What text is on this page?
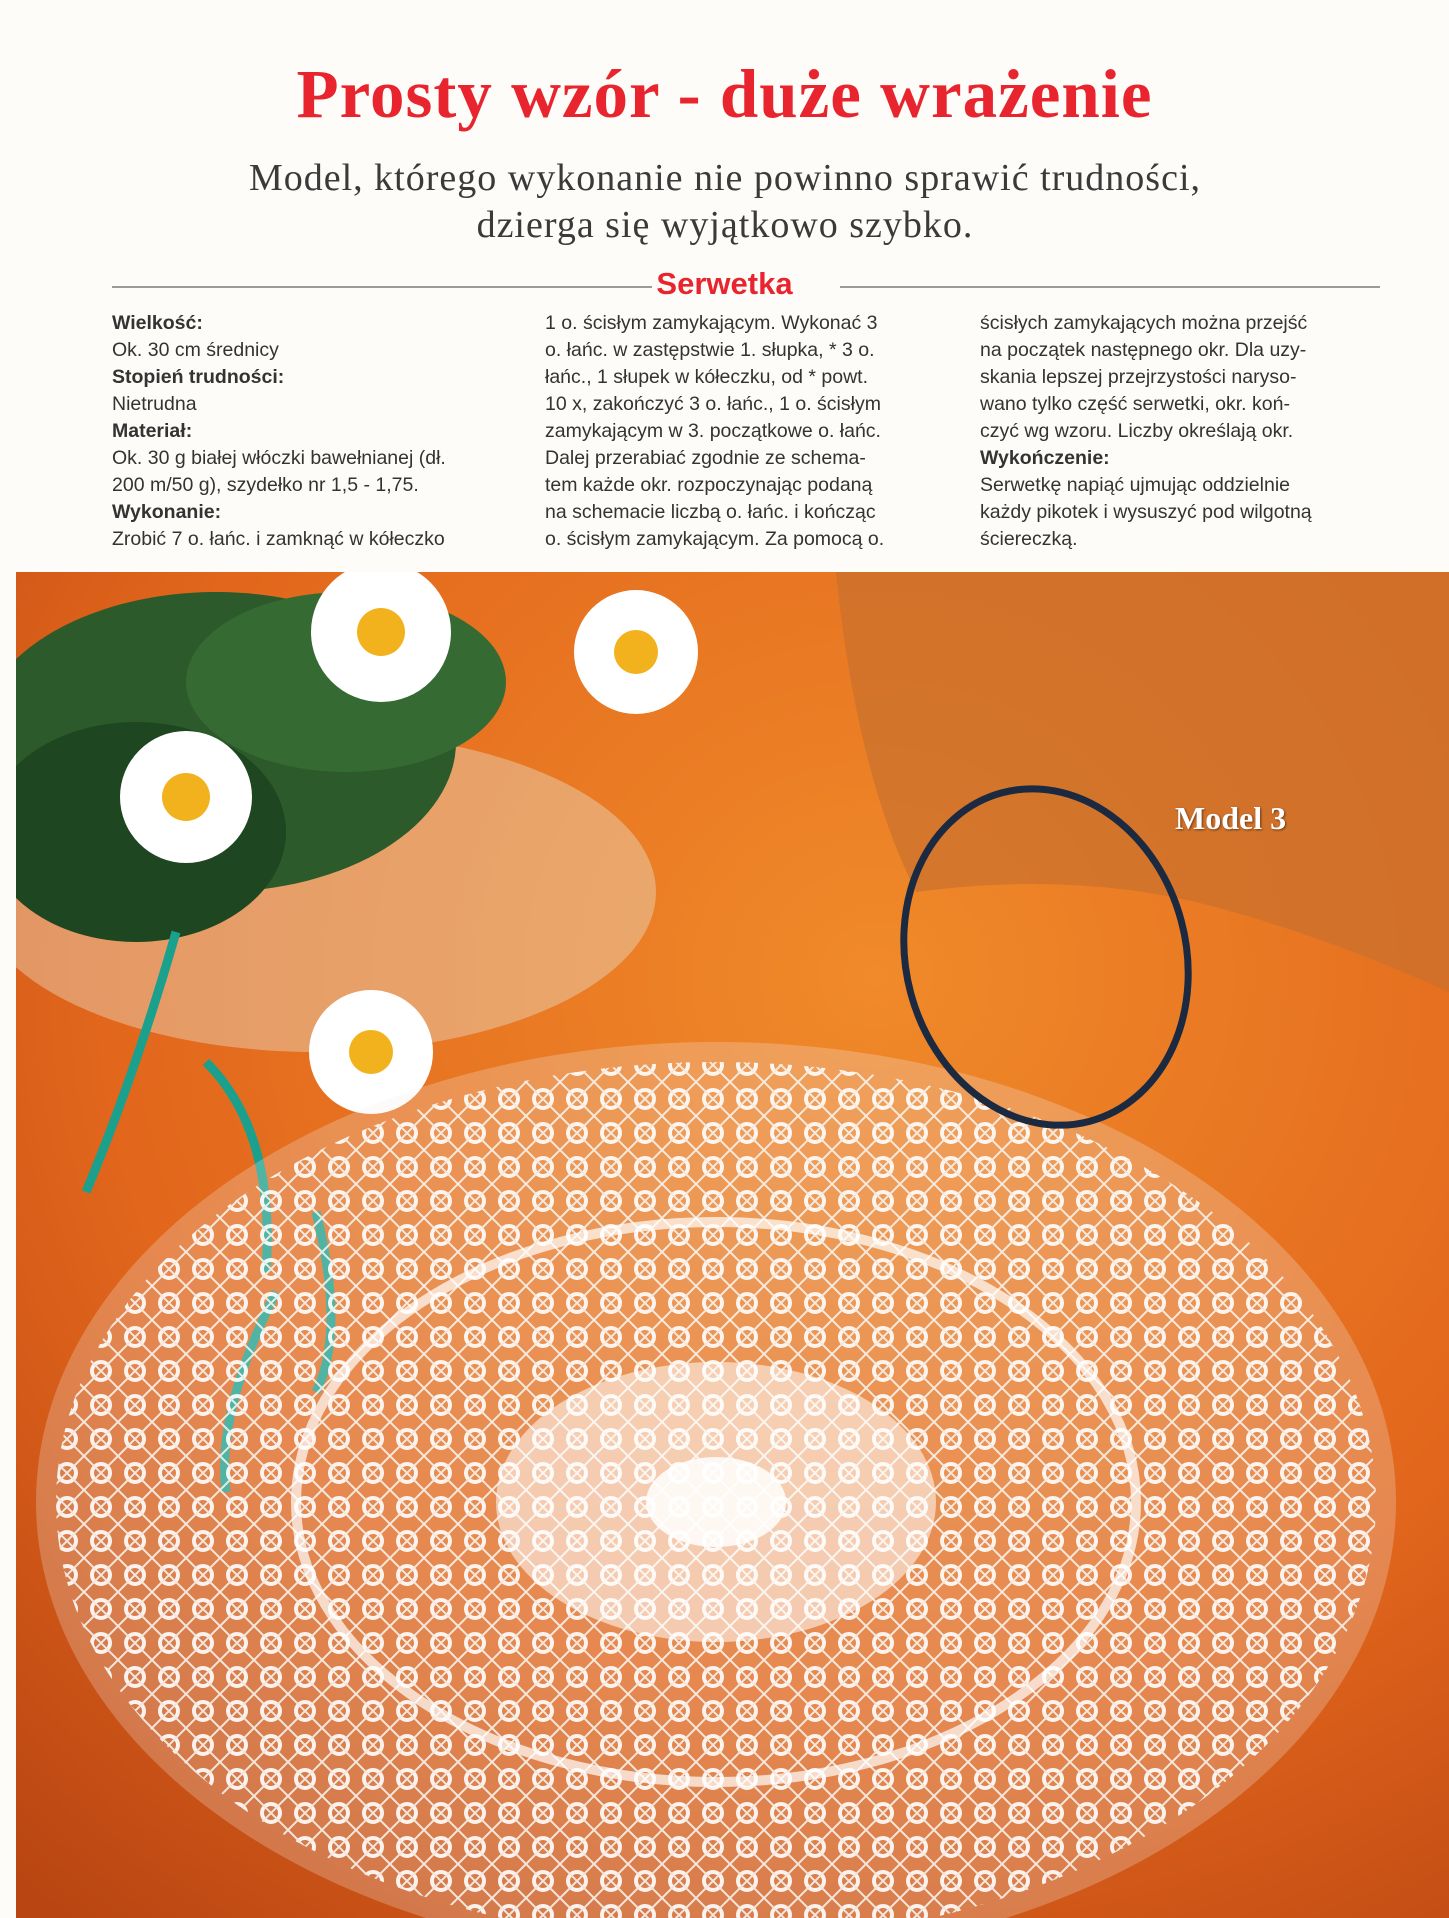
Prosty wzór - duże wrażenie
Model, którego wykonanie nie powinno sprawić trudności,
dzierga się wyjątkowo szybko.
Serwetka
Wielkość:
Ok. 30 cm średnicy
Stopień trudności:
Nietrudna
Materiał:
Ok. 30 g białej włóczki bawełnianej (dł.
200 m/50 g), szydełko nr 1,5 - 1,75.
Wykonanie:
Zrobić 7 o. łańc. i zamknąć w kółeczko
1 o. ścisłym zamykającym. Wykonać 3
o. łańc. w zastępstwie 1. słupka, * 3 o.
łańc., 1 słupek w kółeczku, od * powt.
10 x, zakończyć 3 o. łańc., 1 o. ścisłym
zamykającym w 3. początkowe o. łańc.
Dalej przerabiać zgodnie ze schema-
tem każde okr. rozpoczynając podaną
na schemacie liczbą o. łańc. i kończąc
o. ścisłym zamykającym. Za pomocą o.
ścisłych zamykających można przejść
na początek następnego okr. Dla uzy-
skania lepszej przejrzystości naryso-
wano tylko część serwetki, okr. koń-
czyć wg wzoru. Liczby określają okr.
Wykończenie:
Serwetkę napiąć ujmując oddzielnie
każdy pikotek i wysuszyć pod wilgotną
ściereczką.
Model 3
